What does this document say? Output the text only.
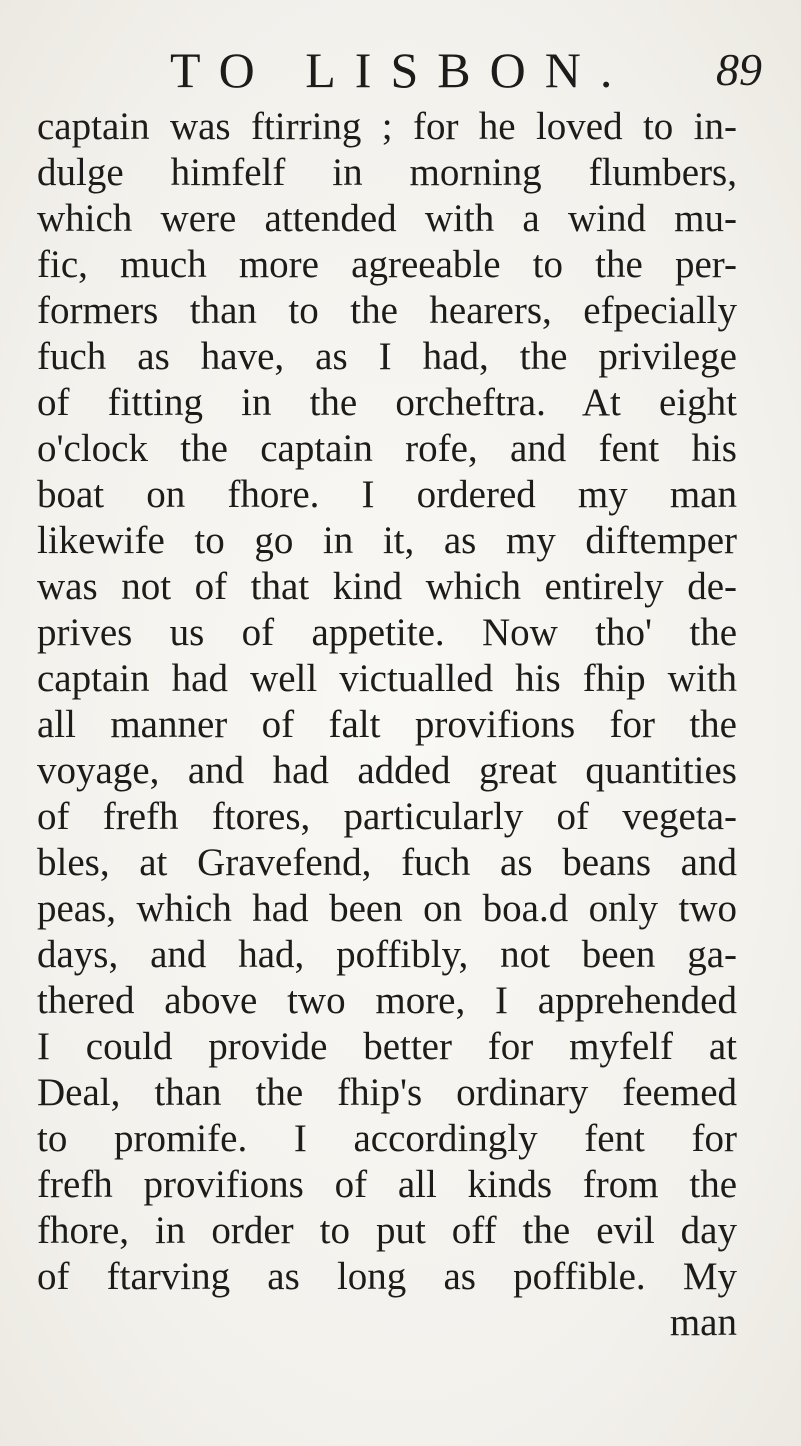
TO LISBON. 89
captain was ftirring ; for he loved to in-
dulge himfelf in morning flumbers,
which were attended with a wind mu-
fic, much more agreeable to the per-
formers than to the hearers, efpecially
fuch as have, as I had, the privilege
of fitting in the orcheftra. At eight
o'clock the captain rofe, and fent his
boat on fhore. I ordered my man
likewife to go in it, as my diftemper
was not of that kind which entirely de-
prives us of appetite. Now tho' the
captain had well victualled his fhip with
all manner of falt provifions for the
voyage, and had added great quantities
of frefh ftores, particularly of vegeta-
bles, at Gravefend, fuch as beans and
peas, which had been on boa.d only two
days, and had, poffibly, not been ga-
thered above two more, I apprehended
I could provide better for myfelf at
Deal, than the fhip's ordinary feemed
to promife. I accordingly fent for
frefh provifions of all kinds from the
fhore, in order to put off the evil day
of ftarving as long as poffible. My
man
